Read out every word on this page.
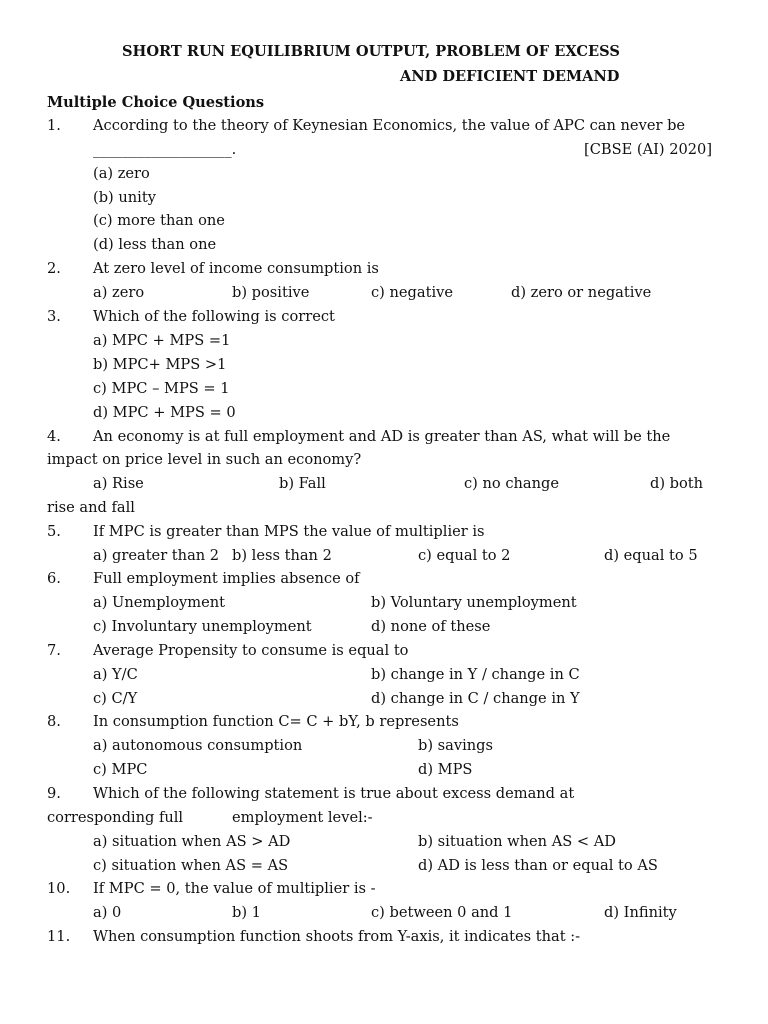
SHORT RUN EQUILIBRIUM OUTPUT, PROBLEM OF EXCESS
AND DEFICIENT DEMAND
Multiple Choice Questions
1. According to the theory of Keynesian Economics, the value of APC can never be
___________________.	[CBSE (AI) 2020]
(a) zero
(b) unity
(c) more than one
(d) less than one
2. At zero level of income consumption is
a) zero	b) positive	c) negative	d) zero or negative
3. Which of the following is correct
a) MPC + MPS =1
b) MPC+ MPS >1
c) MPC – MPS = 1
d) MPC + MPS = 0
4. An economy is at full employment and AD is greater than AS, what will be the
impact on price level in such an economy?
a) Rise	b) Fall	c) no change	d) both
rise and fall
5. If MPC is greater than MPS the value of multiplier is
a) greater than 2 b) less than 2	c) equal to 2	d) equal to 5
6. Full employment implies absence of
a) Unemployment	b) Voluntary unemployment
c) Involuntary unemployment	d) none of these
7. Average Propensity to consume is equal to
a) Y/C	b) change in Y / change in C
c) C/Y	d) change in C / change in Y
8. In consumption function C= C + bY, b represents
a) autonomous consumption	b) savings
c) MPC	d) MPS
9. Which of the following statement is true about excess demand at
corresponding full	employment level:-
a) situation when AS > AD	b) situation when AS < AD
c) situation when AS = AS	d) AD is less than or equal to AS
10. If MPC = 0, the value of multiplier is -
a) 0	b) 1	c) between 0 and 1	d) Infinity
11. When consumption function shoots from Y-axis, it indicates that :-
